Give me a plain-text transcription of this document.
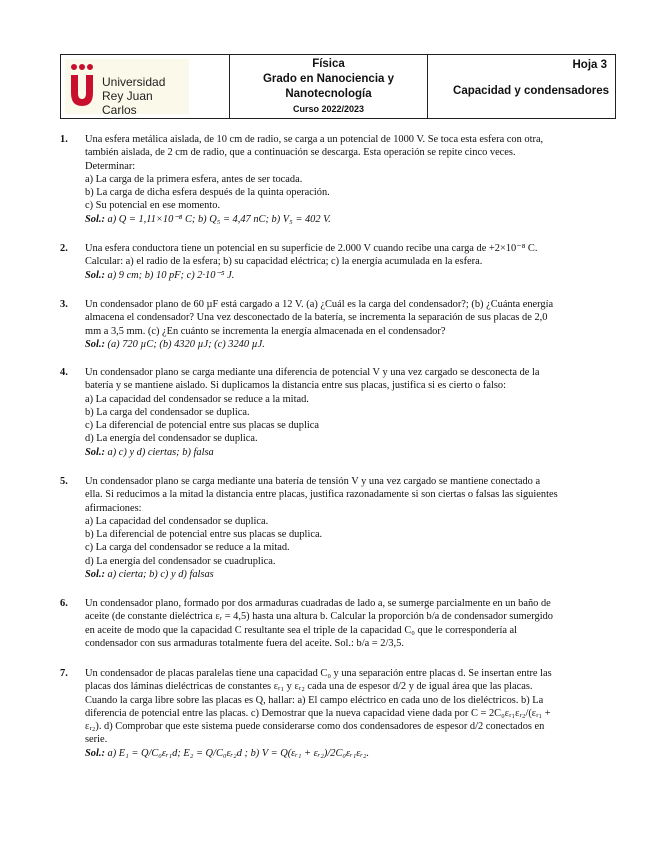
Universidad
Rey Juan Carlos
Física
Grado en Nanociencia y
Nanotecnología
Curso 2022/2023
Hoja 3
Capacidad y condensadores
1.	Una esfera metálica aislada, de 10 cm de radio, se carga a un potencial de 1000 V. Se toca esta esfera con otra,
también aislada, de 2 cm de radio, que a continuación se descarga. Esta operación se repite cinco veces.
Determinar:
a) La carga de la primera esfera, antes de ser tocada.
b) La carga de dicha esfera después de la quinta operación.
c) Su potencial en ese momento.
Sol.: a) Q = 1,11×10⁻⁸ C; b) Q₅ = 4,47 nC; b) V₅ = 402 V.
2.	Una esfera conductora tiene un potencial en su superficie de 2.000 V cuando recibe una carga de +2×10⁻⁸ C.
Calcular: a) el radio de la esfera; b) su capacidad eléctrica; c) la energía acumulada en la esfera.
Sol.: a) 9 cm; b) 10 pF; c) 2·10⁻⁵ J.
3.	Un condensador plano de 60 µF está cargado a 12 V. (a) ¿Cuál es la carga del condensador?; (b) ¿Cuánta energía
almacena el condensador? Una vez desconectado de la batería, se incrementa la separación de sus placas de 2,0
mm a 3,5 mm. (c) ¿En cuánto se incrementa la energía almacenada en el condensador?
Sol.: (a) 720 µC; (b) 4320 µJ; (c) 3240 µJ.
4.	Un condensador plano se carga mediante una diferencia de potencial V y una vez cargado se desconecta de la
batería y se mantiene aislado. Si duplicamos la distancia entre sus placas, justifica si es cierto o falso:
a) La capacidad del condensador se reduce a la mitad.
b) La carga del condensador se duplica.
c) La diferencial de potencial entre sus placas se duplica
d) La energía del condensador se duplica.
Sol.: a) c) y d) ciertas; b) falsa
5.	Un condensador plano se carga mediante una batería de tensión V y una vez cargado se mantiene conectado a
ella. Si reducimos a la mitad la distancia entre placas, justifica razonadamente si son ciertas o falsas las siguientes
afirmaciones:
a) La capacidad del condensador se duplica.
b) La diferencial de potencial entre sus placas se duplica.
c) La carga del condensador se reduce a la mitad.
d) La energía del condensador se cuadruplica.
Sol.: a) cierta; b) c) y d) falsas
6.	Un condensador plano, formado por dos armaduras cuadradas de lado a, se sumerge parcialmente en un baño de
aceite (de constante dieléctrica εᵣ = 4,5) hasta una altura b. Calcular la proporción b/a de condensador sumergido
en aceite de modo que la capacidad C resultante sea el triple de la capacidad C₀ que le correspondería al
condensador con sus armaduras totalmente fuera del aceite. Sol.: b/a = 2/3,5.
7.	Un condensador de placas paralelas tiene una capacidad C₀ y una separación entre placas d. Se insertan entre las
placas dos láminas dieléctricas de constantes εᵣ₁ y εᵣ₂ cada una de espesor d/2 y de igual área que las placas.
Cuando la carga libre sobre las placas es Q, hallar: a) El campo eléctrico en cada uno de los dieléctricos. b) La
diferencia de potencial entre las placas. c) Demostrar que la nueva capacidad viene dada por C = 2C₀εᵣ₁εᵣ₂/(εᵣ₁ +
εᵣ₂). d) Comprobar que este sistema puede considerarse como dos condensadores de espesor d/2 conectados en
serie.
Sol.: a) E₁ = Q/C₀εᵣ₁d; E₂ = Q/C₀εᵣ₂d ; b) V = Q(εᵣ₁ + εᵣ₂)/2C₀εᵣ₁εᵣ₂.
